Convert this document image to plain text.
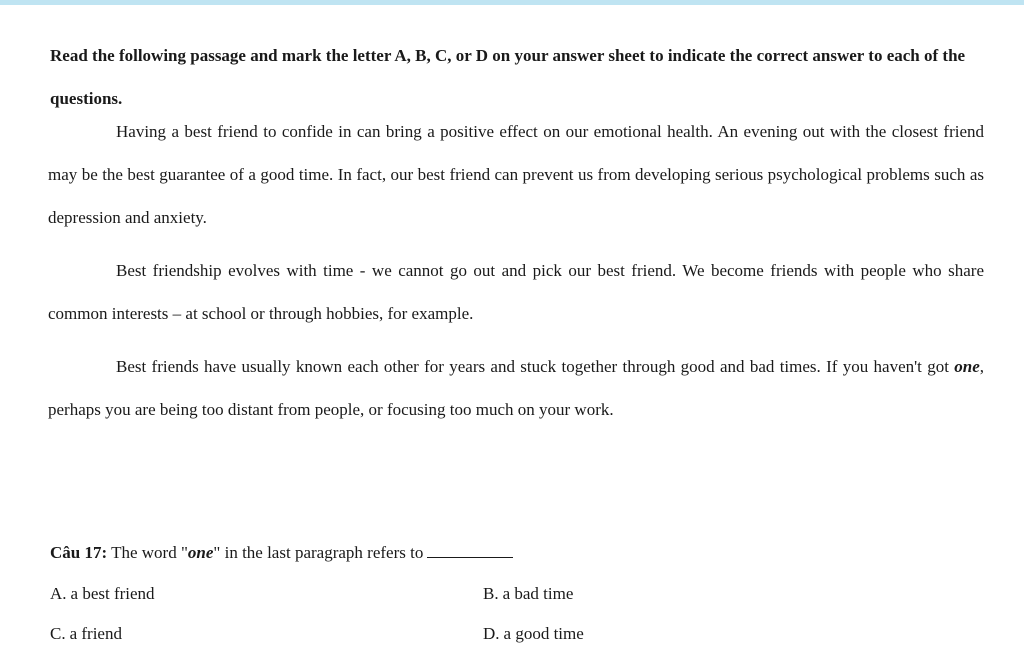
Read the following passage and mark the letter A, B, C, or D on your answer sheet to indicate the correct answer to each of the questions.

Having a best friend to confide in can bring a positive effect on our emotional health. An evening out with the closest friend may be the best guarantee of a good time. In fact, our best friend can prevent us from developing serious psychological problems such as depression and anxiety.

Best friendship evolves with time - we cannot go out and pick our best friend. We become friends with people who share common interests – at school or through hobbies, for example.

Best friends have usually known each other for years and stuck together through good and bad times. If you haven't got one, perhaps you are being too distant from people, or focusing too much on your work.

Câu 17: The word "one" in the last paragraph refers to

A. a best friend	B. a bad time

C. a friend	D. a good time
